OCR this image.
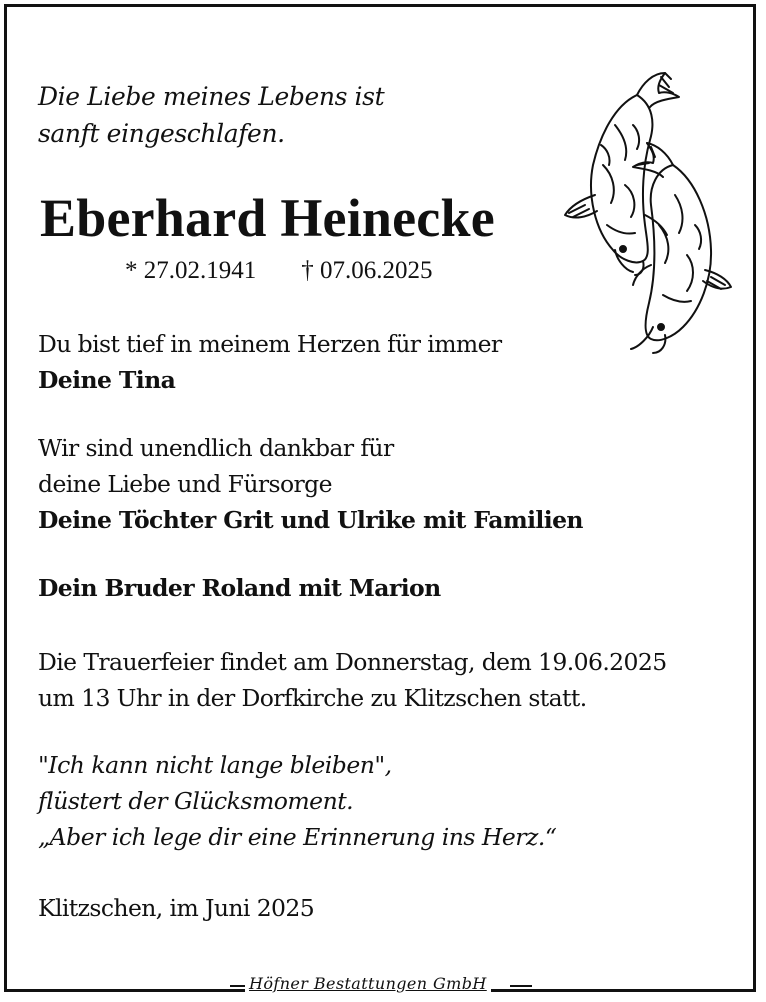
Die Liebe meines Lebens ist
sanft eingeschlafen.
Eberhard Heinecke
* 27.02.1941 † 07.06.2025
Du bist tief in meinem Herzen für immer
Deine Tina
Wir sind unendlich dankbar für
deine Liebe und Fürsorge
Deine Töchter Grit und Ulrike mit Familien
Dein Bruder Roland mit Marion
Die Trauerfeier findet am Donnerstag, dem 19.06.2025
um 13 Uhr in der Dorfkirche zu Klitzschen statt.
"Ich kann nicht lange bleiben",
flüstert der Glücksmoment.
„Aber ich lege dir eine Erinnerung ins Herz.“
Klitzschen, im Juni 2025
Höfner Bestattungen GmbH
